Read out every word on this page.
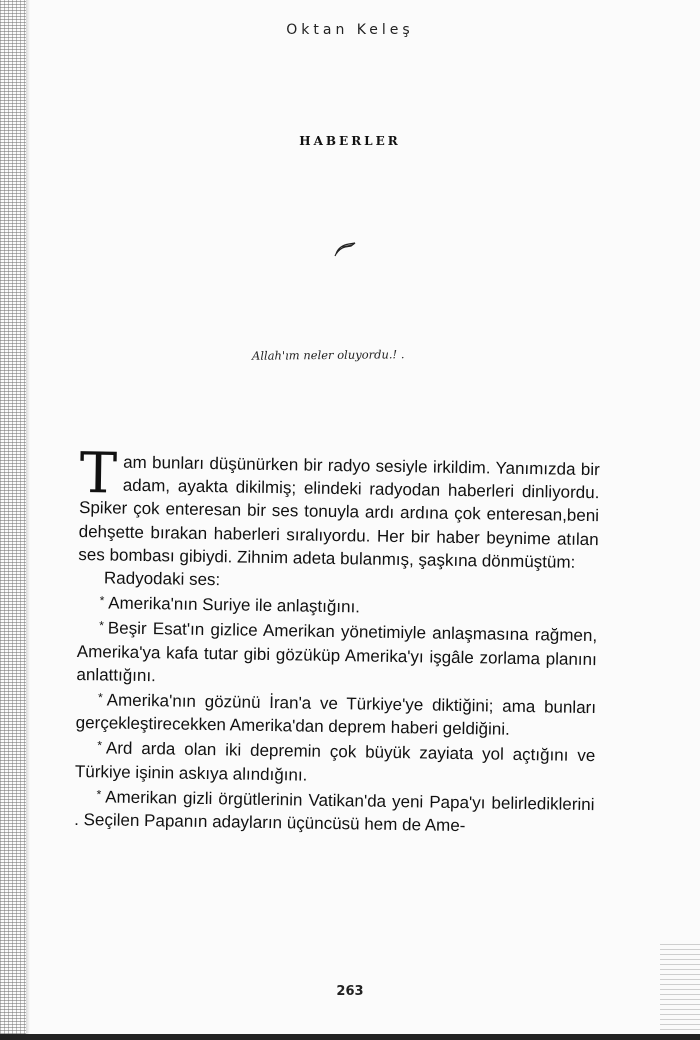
Oktan Keleş
HABERLER
Allah'ım neler oluyordu.! .

Tam bunları düşünürken bir radyo sesiyle irkildim. Yanımızda bir adam, ayakta dikilmiş; elindeki radyodan haberleri dinliyordu. Spiker çok enteresan bir ses tonuyla ardı ardına çok enteresan,beni dehşette bırakan haberleri sıralıyordu. Her bir haber beynime atılan ses bombası gibiydi. Zihnim adeta bulanmış, şaşkına dönmüştüm:

Radyodaki ses:

* Amerika'nın Suriye ile anlaştığını.

* Beşir Esat'ın gizlice Amerikan yönetimiyle anlaşmasına rağmen, Amerika'ya kafa tutar gibi gözüküp Amerika'yı işgâle zorlama planını anlattığını.

* Amerika'nın gözünü İran'a ve Türkiye'ye diktiğini; ama bunları gerçekleştirecekken Amerika'dan deprem haberi geldiğini.

* Ard arda olan iki depremin çok büyük zayiata yol açtığını ve Türkiye işinin askıya alındığını.

* Amerikan gizli örgütlerinin Vatikan'da yeni Papa'yı belirlediklerini . Seçilen Papanın adayların üçüncüsü hem de Ame-

263
